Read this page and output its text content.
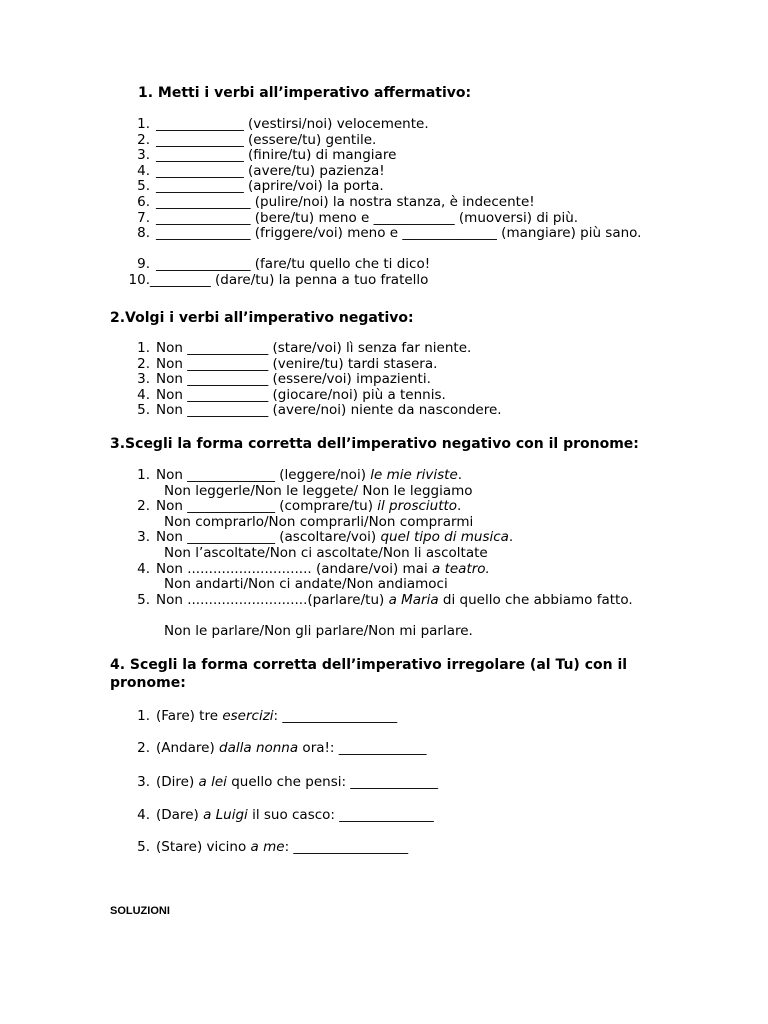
1. Metti i verbi all’imperativo affermativo:
1. _____________ (vestirsi/noi) velocemente.
2. _____________ (essere/tu) gentile.
3. _____________ (finire/tu) di mangiare
4. _____________ (avere/tu) pazienza!
5. _____________ (aprire/voi) la porta.
6. ______________ (pulire/noi) la nostra stanza, è indecente!
7. ______________ (bere/tu) meno e ____________ (muoversi) di più.
8. ______________ (friggere/voi) meno e ______________ (mangiare) più sano.
9. ______________ (fare/tu quello che ti dico!
10. _________ (dare/tu) la penna a tuo fratello
2.Volgi i verbi all’imperativo negativo:
1. Non ____________ (stare/voi) lì senza far niente.
2. Non ____________ (venire/tu) tardi stasera.
3. Non ____________ (essere/voi) impazienti.
4. Non ____________ (giocare/noi) più a tennis.
5. Non ____________ (avere/noi) niente da nascondere.
3.Scegli la forma corretta dell’imperativo negativo con il pronome:
1. Non _____________ (leggere/noi) le mie riviste.
Non leggerle/Non le leggete/ Non le leggiamo
2. Non _____________ (comprare/tu) il prosciutto.
Non comprarlo/Non comprarli/Non comprarmi
3. Non _____________ (ascoltare/voi) quel tipo di musica.
Non l’ascoltate/Non ci ascoltate/Non li ascoltate
4. Non ............................. (andare/voi) mai a teatro.
Non andarti/Non ci andate/Non andiamoci
5. Non ............................(parlare/tu) a Maria di quello che abbiamo fatto.
Non le parlare/Non gli parlare/Non mi parlare.
4. Scegli la forma corretta dell’imperativo irregolare (al Tu) con il pronome:
1. (Fare) tre esercizi: _________________
2. (Andare) dalla nonna ora!: _____________
3. (Dire) a lei quello che pensi: _____________
4. (Dare) a Luigi il suo casco: ______________
5. (Stare) vicino a me: _________________
SOLUZIONI
